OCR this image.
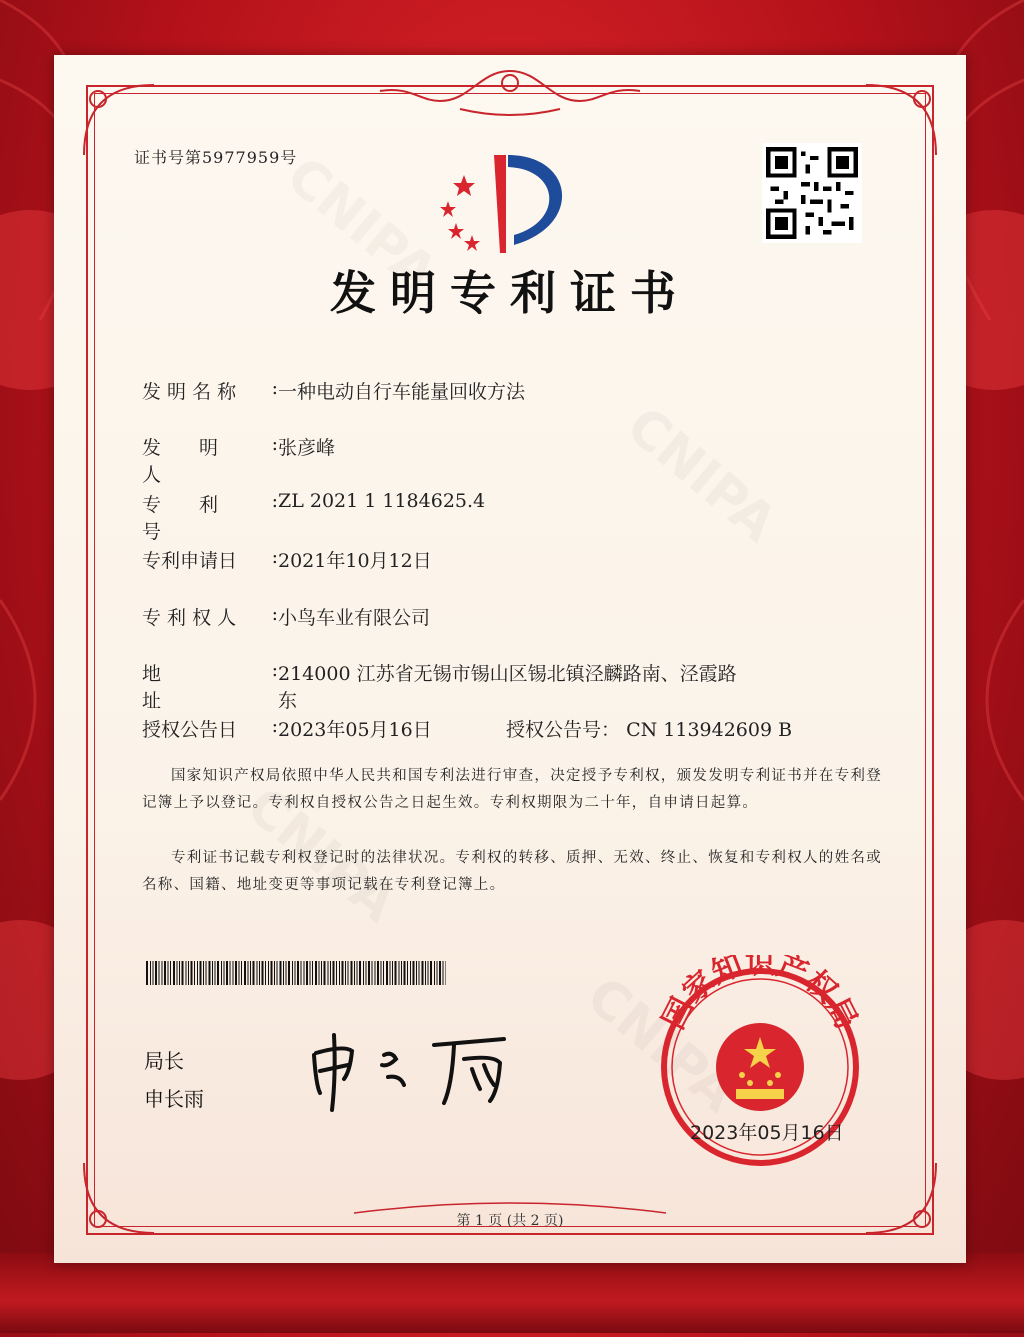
证书号第5977959号
发明专利证书
发 明 名 称 : 一种电动自行车能量回收方法
发　　明　　人
: 张彦峰
专　　利　　号
: ZL 2021 1 1184625.4
专利申请日 : 2021年10月12日
专 利 权 人 : 小鸟车业有限公司
地　　　　　址
: 214000 江苏省无锡市锡山区锡北镇泾麟路南、泾霞路
东
授权公告日 : 2023年05月16日	授权公告号： CN 113942609 B
国家知识产权局依照中华人民共和国专利法进行审查，决定授予专利权，颁发发明专利证书并在专利登记簿上予以登记。专利权自授权公告之日起生效。专利权期限为二十年，自申请日起算。
专利证书记载专利权登记时的法律状况。专利权的转移、质押、无效、终止、恢复和专利权人的姓名或名称、国籍、地址变更等事项记载在专利登记簿上。
局长
申长雨
国家知识产权局
2023年05月16日
第 1 页 (共 2 页)
